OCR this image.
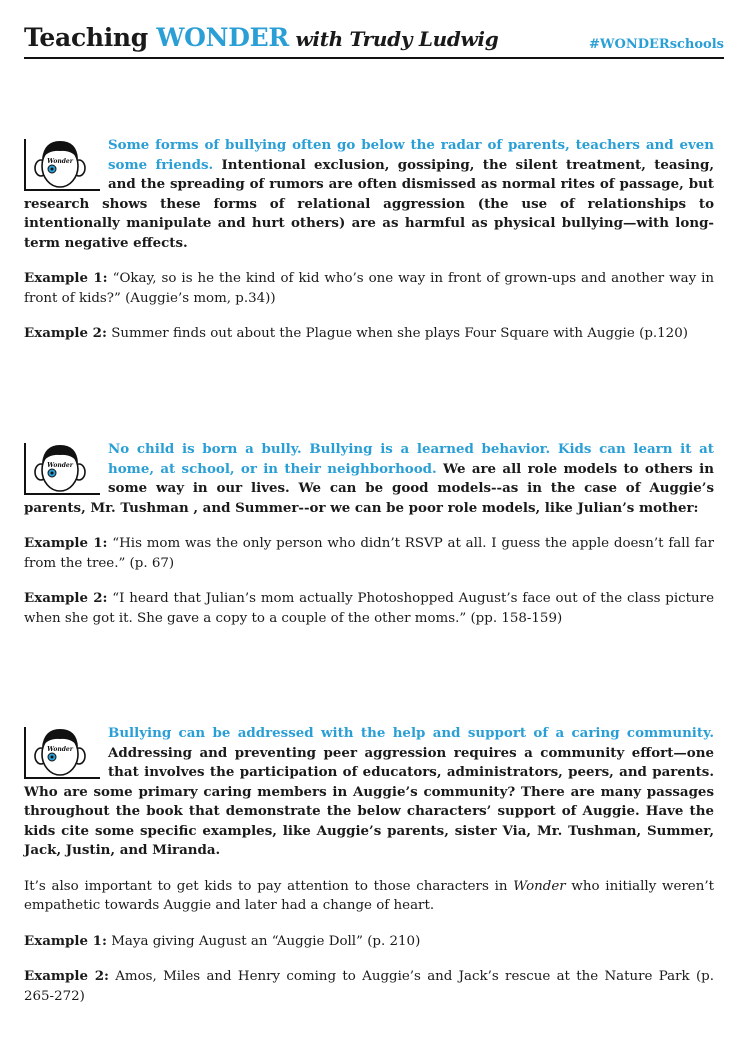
Teaching WONDER with Trudy Ludwig	#WONDERschools

Wonder
Some forms of bullying often go below the radar of parents, teachers and even some friends. Intentional exclusion, gossiping, the silent treatment, teasing, and the spreading of rumors are often dismissed as normal rites of passage, but research shows these forms of relational aggression (the use of relationships to intentionally manipulate and hurt others) are as harmful as physical bullying—with long-term negative effects.

Example 1: “Okay, so is he the kind of kid who’s one way in front of grown-ups and another way in front of kids?” (Auggie’s mom, p.34))

Example 2: Summer finds out about the Plague when she plays Four Square with Auggie (p.120)

Wonder
No child is born a bully. Bullying is a learned behavior. Kids can learn it at home, at school, or in their neighborhood. We are all role models to others in some way in our lives. We can be good models--as in the case of Auggie’s parents, Mr. Tushman , and Summer--or we can be poor role models, like Julian’s mother:

Example 1: “His mom was the only person who didn’t RSVP at all. I guess the apple doesn’t fall far from the tree.” (p. 67)

Example 2: “I heard that Julian’s mom actually Photoshopped August’s face out of the class picture when she got it. She gave a copy to a couple of the other moms.” (pp. 158-159)

Wonder
Bullying can be addressed with the help and support of a caring community. Addressing and preventing peer aggression requires a community effort—one that involves the participation of educators, administrators, peers, and parents. Who are some primary caring members in Auggie’s community? There are many passages throughout the book that demonstrate the below characters’ support of Auggie. Have the kids cite some specific examples, like Auggie’s parents, sister Via, Mr. Tushman, Summer, Jack, Justin, and Miranda.

It’s also important to get kids to pay attention to those characters in Wonder who initially weren’t empathetic towards Auggie and later had a change of heart.

Example 1: Maya giving August an “Auggie Doll” (p. 210)

Example 2: Amos, Miles and Henry coming to Auggie’s and Jack’s rescue at the Nature Park (p. 265-272)
